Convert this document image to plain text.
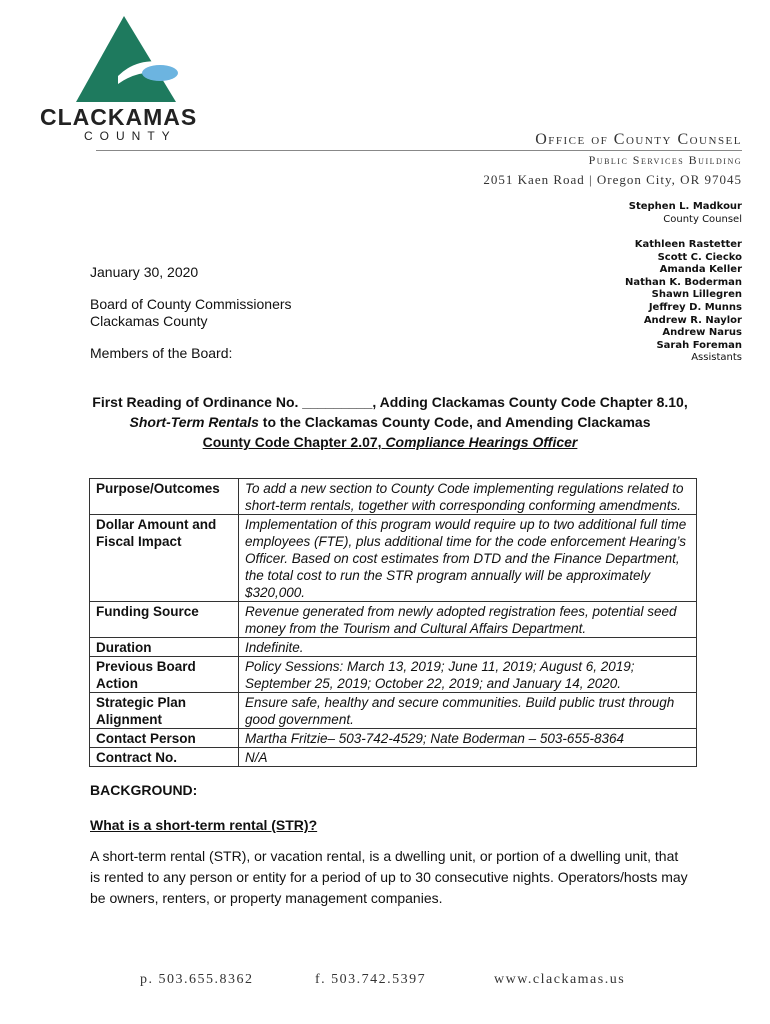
CLACKAMAS
COUNTY	Office of County Counsel
Public Services Building
2051 Kaen Road | Oregon City, OR 97045
Stephen L. Madkour
County Counsel
Kathleen Rastetter
Scott C. Ciecko
Amanda Keller
Nathan K. Boderman
Shawn Lillegren
Jeffrey D. Munns
Andrew R. Naylor
Andrew Narus
Sarah Foreman
Assistants
January 30, 2020
Board of County Commissioners
Clackamas County
Members of the Board:
First Reading of Ordinance No. _________, Adding Clackamas County Code Chapter 8.10, Short-Term Rentals to the Clackamas County Code, and Amending Clackamas
County Code Chapter 2.07, Compliance Hearings Officer
Purpose/Outcomes	To add a new section to County Code implementing regulations related to short-term rentals, together with corresponding conforming amendments.
Dollar Amount and Fiscal Impact	Implementation of this program would require up to two additional full time employees (FTE), plus additional time for the code enforcement Hearing’s Officer. Based on cost estimates from DTD and the Finance Department, the total cost to run the STR program annually will be approximately $320,000.
Funding Source	Revenue generated from newly adopted registration fees, potential seed money from the Tourism and Cultural Affairs Department.
Duration	Indefinite.
Previous Board Action	Policy Sessions: March 13, 2019; June 11, 2019; August 6, 2019; September 25, 2019; October 22, 2019; and January 14, 2020.
Strategic Plan Alignment	Ensure safe, healthy and secure communities. Build public trust through good government.
Contact Person	Martha Fritzie– 503-742-4529; Nate Boderman – 503-655-8364
Contract No.	N/A
BACKGROUND:
What is a short-term rental (STR)?
A short-term rental (STR), or vacation rental, is a dwelling unit, or portion of a dwelling unit, that is rented to any person or entity for a period of up to 30 consecutive nights. Operators/hosts may be owners, renters, or property management companies.
p. 503.655.8362	f. 503.742.5397	www.clackamas.us
